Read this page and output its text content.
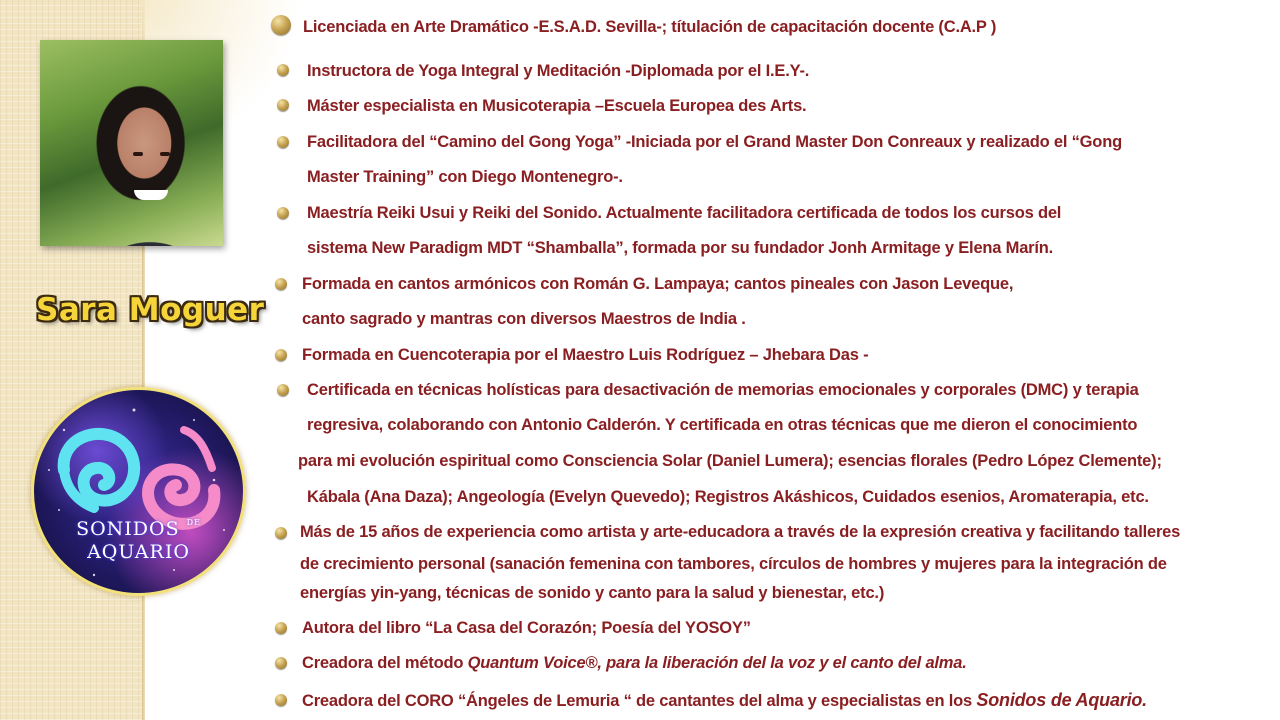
Sara Moguer
SONIDOS $^{DE}$
AQUARIO
Licenciada en Arte Dramático -E.S.A.D. Sevilla-; títulación de capacitación docente (C.A.P )
Instructora de Yoga Integral y Meditación -Diplomada por el I.E.Y-.
Máster especialista en Musicoterapia –Escuela Europea des Arts.
Facilitadora del “Camino del Gong Yoga” -Iniciada por el Grand Master Don Conreaux y realizado el “Gong
Master Training” con Diego Montenegro-.
Maestría Reiki Usui y Reiki del Sonido. Actualmente facilitadora certificada de todos los cursos del
sistema New Paradigm MDT “Shamballa”, formada por su fundador Jonh Armitage y Elena Marín.
Formada en cantos armónicos con Román G. Lampaya; cantos pineales con Jason Leveque,
canto sagrado y mantras con diversos Maestros de India .
Formada en Cuencoterapia por el Maestro Luis Rodríguez – Jhebara Das -
Certificada en técnicas holísticas para desactivación de memorias emocionales y corporales (DMC) y terapia
regresiva, colaborando con Antonio Calderón. Y certificada en otras técnicas que me dieron el conocimiento
para mi evolución espiritual como Consciencia Solar (Daniel Lumera); esencias florales (Pedro López Clemente);
Kábala (Ana Daza); Angeología (Evelyn Quevedo); Registros Akáshicos, Cuidados esenios, Aromaterapia, etc.
Más de 15 años de experiencia como artista y arte-educadora a través de la expresión creativa y facilitando talleres
de crecimiento personal (sanación femenina con tambores, círculos de hombres y mujeres para la integración de
energías yin-yang, técnicas de sonido y canto para la salud y bienestar, etc.)
Autora del libro “La Casa del Corazón; Poesía del YOSOY”
Creadora del método Quantum Voice®, para la liberación del la voz y el canto del alma.
Creadora del CORO “Ángeles de Lemuria “ de cantantes del alma y especialistas en los Sonidos de Aquario.
